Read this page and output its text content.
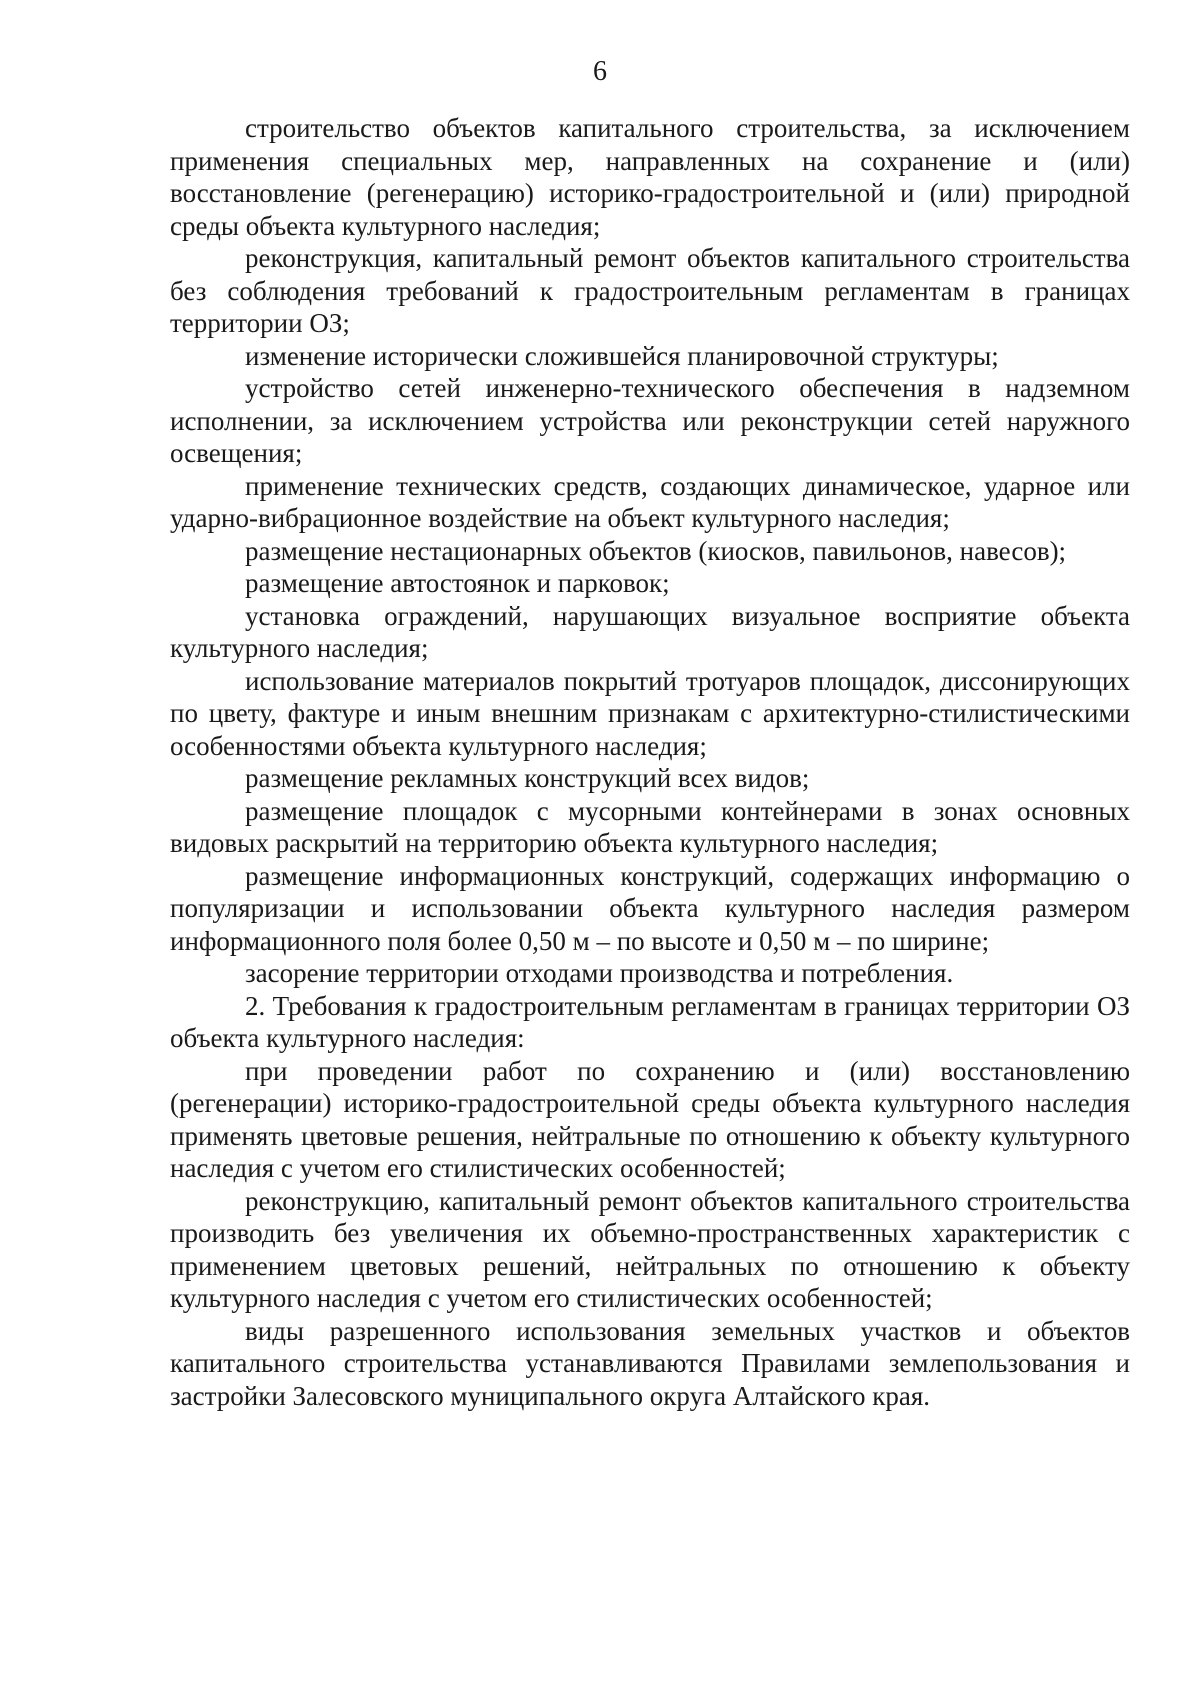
6

строительство объектов капитального строительства, за исключением применения специальных мер, направленных на сохранение и (или) восстановление (регенерацию) историко-градостроительной и (или) природной среды объекта культурного наследия;

реконструкция, капитальный ремонт объектов капитального строительства без соблюдения требований к градостроительным регламентам в границах территории ОЗ;

изменение исторически сложившейся планировочной структуры;

устройство сетей инженерно-технического обеспечения в надземном исполнении, за исключением устройства или реконструкции сетей наружного освещения;

применение технических средств, создающих динамическое, ударное или ударно-вибрационное воздействие на объект культурного наследия;

размещение нестационарных объектов (киосков, павильонов, навесов);

размещение автостоянок и парковок;

установка ограждений, нарушающих визуальное восприятие объекта культурного наследия;

использование материалов покрытий тротуаров площадок, диссонирующих по цвету, фактуре и иным внешним признакам с архитектурно-стилистическими особенностями объекта культурного наследия;

размещение рекламных конструкций всех видов;

размещение площадок с мусорными контейнерами в зонах основных видовых раскрытий на территорию объекта культурного наследия;

размещение информационных конструкций, содержащих информацию о популяризации и использовании объекта культурного наследия размером информационного поля более 0,50 м – по высоте и 0,50 м – по ширине;

засорение территории отходами производства и потребления.

2. Требования к градостроительным регламентам в границах территории ОЗ объекта культурного наследия:

при проведении работ по сохранению и (или) восстановлению (регенерации) историко-градостроительной среды объекта культурного наследия применять цветовые решения, нейтральные по отношению к объекту культурного наследия с учетом его стилистических особенностей;

реконструкцию, капитальный ремонт объектов капитального строительства производить без увеличения их объемно-пространственных характеристик с применением цветовых решений, нейтральных по отношению к объекту культурного наследия с учетом его стилистических особенностей;

виды разрешенного использования земельных участков и объектов капитального строительства устанавливаются Правилами землепользования и застройки Залесовского муниципального округа Алтайского края.
